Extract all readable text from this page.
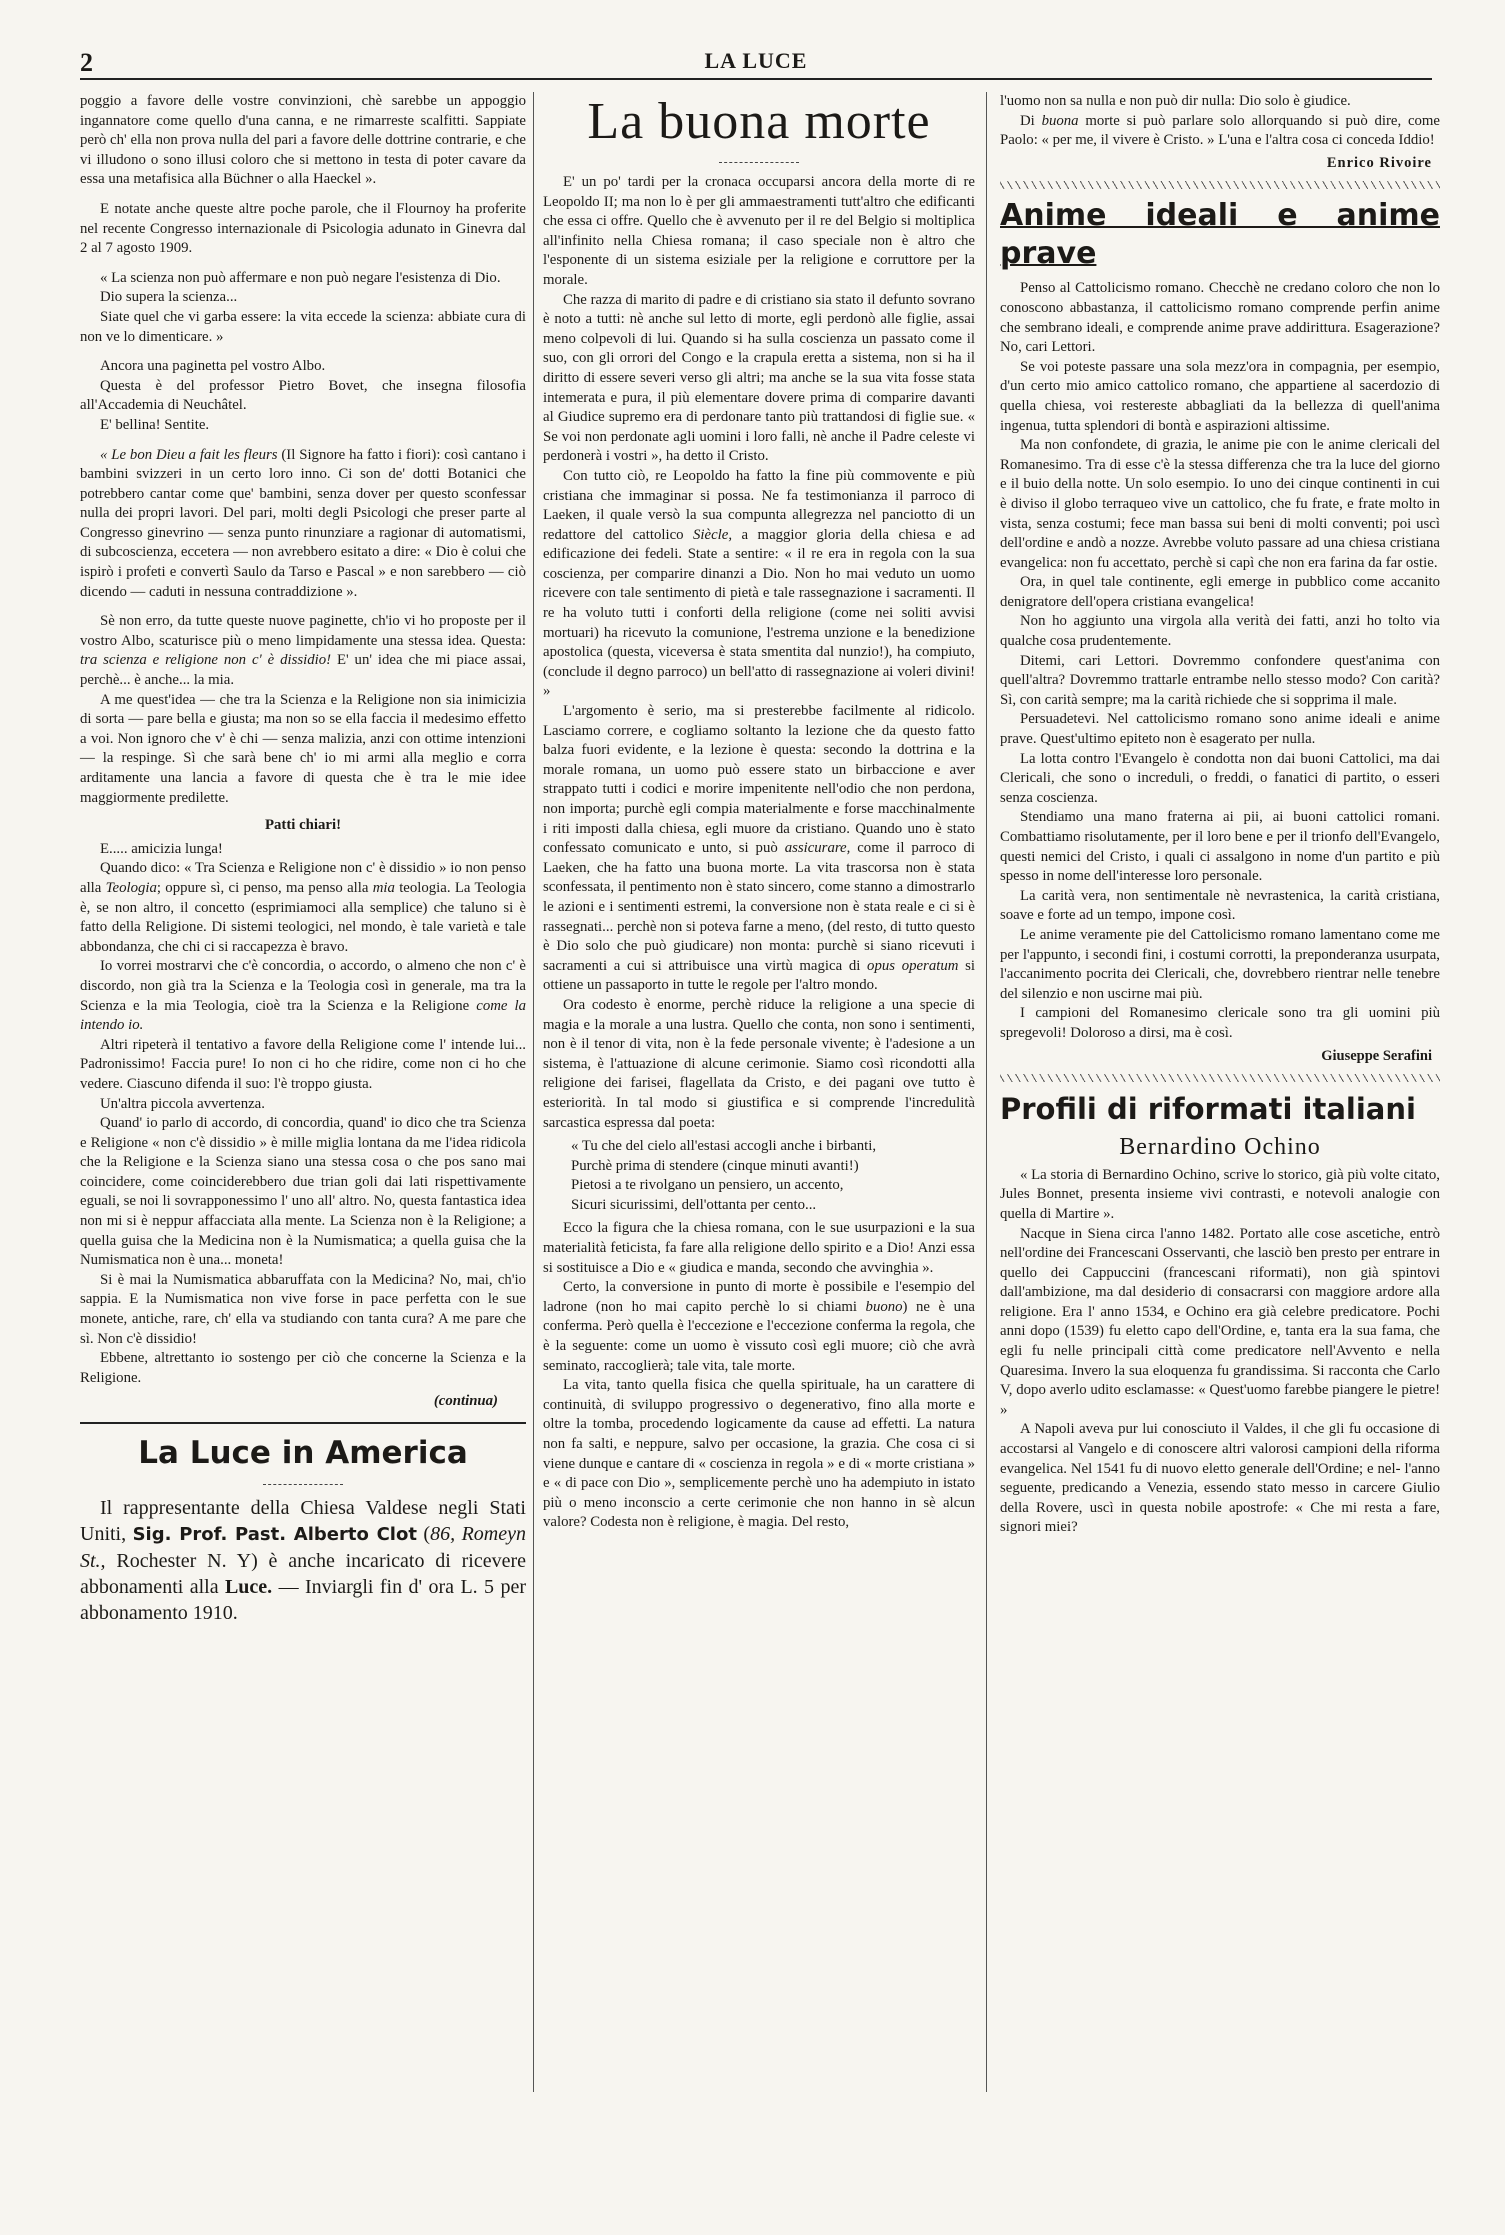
2	LA LUCE

poggio a favore delle vostre convinzioni, chè sarebbe un appoggio ingannatore come quello d'una canna, e ne rimarreste scalfitti. Sappiate però ch' ella non prova nulla del pari a favore delle dottrine contrarie, e che vi illudono o sono illusi coloro che si mettono in testa di poter cavare da essa una metafisica alla Büchner o alla Haeckel ».

E notate anche queste altre poche parole, che il Flournoy ha proferite nel recente Congresso internazionale di Psicologia adunato in Ginevra dal 2 al 7 agosto 1909.

« La scienza non può affermare e non può negare l'esistenza di Dio.

Dio supera la scienza...

Siate quel che vi garba essere: la vita eccede la scienza: abbiate cura di non ve lo dimenticare. »

Ancora una paginetta pel vostro Albo.

Questa è del professor Pietro Bovet, che insegna filosofia all'Accademia di Neuchâtel.

E' bellina! Sentite.

« Le bon Dieu a fait les fleurs (Il Signore ha fatto i fiori): così cantano i bambini svizzeri in un certo loro inno. Ci son de' dotti Botanici che potrebbero cantar come que' bambini, senza dover per questo sconfessar nulla dei propri lavori. Del pari, molti degli Psicologi che preser parte al Congresso ginevrino — senza punto rinunziare a ragionar di automatismi, di subcoscienza, eccetera — non avrebbero esitato a dire: « Dio è colui che ispirò i profeti e convertì Saulo da Tarso e Pascal » e non sarebbero — ciò dicendo — caduti in nessuna contraddizione ».

Sè non erro, da tutte queste nuove paginette, ch'io vi ho proposte per il vostro Albo, scaturisce più o meno limpidamente una stessa idea. Questa: tra scienza e religione non c' è dissidio! E' un' idea che mi piace assai, perchè... è anche... la mia.

A me quest'idea — che tra la Scienza e la Religione non sia inimicizia di sorta — pare bella e giusta; ma non so se ella faccia il medesimo effetto a voi. Non ignoro che v' è chi — senza malizia, anzi con ottime intenzioni — la respinge. Sì che sarà bene ch' io mi armi alla meglio e corra arditamente una lancia a favore di questa che è tra le mie idee maggiormente predilette.

Patti chiari!

E..... amicizia lunga!

Quando dico: « Tra Scienza e Religione non c' è dissidio » io non penso alla Teologia; oppure sì, ci penso, ma penso alla mia teologia. La Teologia è, se non altro, il concetto (esprimiamoci alla semplice) che taluno si è fatto della Religione. Di sistemi teologici, nel mondo, è tale varietà e tale abbondanza, che chi ci si raccapezza è bravo.

Io vorrei mostrarvi che c'è concordia, o accordo, o almeno che non c' è discordo, non già tra la Scienza e la Teologia così in generale, ma tra la Scienza e la mia Teologia, cioè tra la Scienza e la Religione come la intendo io.

Altri ripeterà il tentativo a favore della Religione come l' intende lui... Padronissimo! Faccia pure! Io non ci ho che ridire, come non ci ho che vedere. Ciascuno difenda il suo: l'è troppo giusta.

Un'altra piccola avvertenza.

Quand' io parlo di accordo, di concordia, quand' io dico che tra Scienza e Religione « non c'è dissidio » è mille miglia lontana da me l'idea ridicola che la Religione e la Scienza siano una stessa cosa o che pos sano mai coincidere, come coinciderebbero due trian goli dai lati rispettivamente eguali, se noi li sovrapponessimo l' uno all' altro. No, questa fantastica idea non mi si è neppur affacciata alla mente. La Scienza non è la Religione; a quella guisa che la Medicina non è la Numismatica; a quella guisa che la Numismatica non è una... moneta!

Si è mai la Numismatica abbaruffata con la Medicina? No, mai, ch'io sappia. E la Numismatica non vive forse in pace perfetta con le sue monete, antiche, rare, ch' ella va studiando con tanta cura? A me pare che sì. Non c'è dissidio!

Ebbene, altrettanto io sostengo per ciò che concerne la Scienza e la Religione.

(continua)
La Luce in America

Il rappresentante della Chiesa Valdese negli Stati Uniti, Sig. Prof. Past. Alberto Clot (86, Romeyn St., Rochester N. Y) è anche incaricato di ricevere abbonamenti alla Luce. — Inviargli fin d' ora L. 5 per abbonamento 1910.

La buona morte

E' un po' tardi per la cronaca occuparsi ancora della morte di re Leopoldo II; ma non lo è per gli ammaestramenti tutt'altro che edificanti che essa ci offre. Quello che è avvenuto per il re del Belgio si moltiplica all'infinito nella Chiesa romana; il caso speciale non è altro che l'esponente di un sistema esiziale per la religione e corruttore per la morale.

Che razza di marito di padre e di cristiano sia stato il defunto sovrano è noto a tutti: nè anche sul letto di morte, egli perdonò alle figlie, assai meno colpevoli di lui. Quando si ha sulla coscienza un passato come il suo, con gli orrori del Congo e la crapula eretta a sistema, non si ha il diritto di essere severi verso gli altri; ma anche se la sua vita fosse stata intemerata e pura, il più elementare dovere prima di comparire davanti al Giudice supremo era di perdonare tanto più trattandosi di figlie sue. « Se voi non perdonate agli uomini i loro falli, nè anche il Padre celeste vi perdonerà i vostri », ha detto il Cristo.

Con tutto ciò, re Leopoldo ha fatto la fine più commovente e più cristiana che immaginar si possa. Ne fa testimonianza il parroco di Laeken, il quale versò la sua compunta allegrezza nel panciotto di un redattore del cattolico Siècle, a maggior gloria della chiesa e ad edificazione dei fedeli. State a sentire: « il re era in regola con la sua coscienza, per comparire dinanzi a Dio. Non ho mai veduto un uomo ricevere con tale sentimento di pietà e tale rassegnazione i sacramenti. Il re ha voluto tutti i conforti della religione (come nei soliti avvisi mortuari) ha ricevuto la comunione, l'estrema unzione e la benedizione apostolica (questa, viceversa è stata smentita dal nunzio!), ha compiuto, (conclude il degno parroco) un bell'atto di rassegnazione ai voleri divini! »

L'argomento è serio, ma si presterebbe facilmente al ridicolo. Lasciamo correre, e cogliamo soltanto la lezione che da questo fatto balza fuori evidente, e la lezione è questa: secondo la dottrina e la morale romana, un uomo può essere stato un birbaccione e aver strappato tutti i codici e morire impenitente nell'odio che non perdona, non importa; purchè egli compia materialmente e forse macchinalmente i riti imposti dalla chiesa, egli muore da cristiano. Quando uno è stato confessato comunicato e unto, si può assicurare, come il parroco di Laeken, che ha fatto una buona morte. La vita trascorsa non è stata sconfessata, il pentimento non è stato sincero, come stanno a dimostrarlo le azioni e i sentimenti estremi, la conversione non è stata reale e ci si è rassegnati... perchè non si poteva farne a meno, (del resto, di tutto questo è Dio solo che può giudicare) non monta: purchè si siano ricevuti i sacramenti a cui si attribuisce una virtù magica di opus operatum si ottiene un passaporto in tutte le regole per l'altro mondo.

Ora codesto è enorme, perchè riduce la religione a una specie di magia e la morale a una lustra. Quello che conta, non sono i sentimenti, non è il tenor di vita, non è la fede personale vivente; è l'adesione a un sistema, è l'attuazione di alcune cerimonie. Siamo così ricondotti alla religione dei farisei, flagellata da Cristo, e dei pagani ove tutto è esteriorità. In tal modo si giustifica e si comprende l'incredulità sarcastica espressa dal poeta:

« Tu che del cielo all'estasi accogli anche i birbanti,
Purchè prima di stendere (cinque minuti avanti!)
Pietosi a te rivolgano un pensiero, un accento,
Sicuri sicurissimi, dell'ottanta per cento...

Ecco la figura che la chiesa romana, con le sue usurpazioni e la sua materialità feticista, fa fare alla religione dello spirito e a Dio! Anzi essa si sostituisce a Dio e « giudica e manda, secondo che avvinghia ».

Certo, la conversione in punto di morte è possibile e l'esempio del ladrone (non ho mai capito perchè lo si chiami buono) ne è una conferma. Però quella è l'eccezione e l'eccezione conferma la regola, che è la seguente: come un uomo è vissuto così egli muore; ciò che avrà seminato, raccoglierà; tale vita, tale morte.

La vita, tanto quella fisica che quella spirituale, ha un carattere di continuità, di sviluppo progressivo o degenerativo, fino alla morte e oltre la tomba, procedendo logicamente da cause ad effetti. La natura non fa salti, e neppure, salvo per occasione, la grazia. Che cosa ci si viene dunque e cantare di « coscienza in regola » e di « morte cristiana » e « di pace con Dio », semplicemente perchè uno ha adempiuto in istato più o meno inconscio a certe cerimonie che non hanno in sè alcun valore? Codesta non è religione, è magia. Del resto,

l'uomo non sa nulla e non può dir nulla: Dio solo è giudice.

Di buona morte si può parlare solo allorquando si può dire, come Paolo: « per me, il vivere è Cristo. » L'una e l'altra cosa ci conceda Iddio!

Enrico Rivoire
Anime ideali e anime prave

Penso al Cattolicismo romano. Checchè ne credano coloro che non lo conoscono abbastanza, il cattolicismo romano comprende perfin anime che sembrano ideali, e comprende anime prave addirittura. Esagerazione? No, cari Lettori.

Se voi poteste passare una sola mezz'ora in compagnia, per esempio, d'un certo mio amico cattolico romano, che appartiene al sacerdozio di quella chiesa, voi restereste abbagliati da la bellezza di quell'anima ingenua, tutta splendori di bontà e aspirazioni altissime.

Ma non confondete, di grazia, le anime pie con le anime clericali del Romanesimo. Tra di esse c'è la stessa differenza che tra la luce del giorno e il buio della notte. Un solo esempio. Io uno dei cinque continenti in cui è diviso il globo terraqueo vive un cattolico, che fu frate, e frate molto in vista, senza costumi; fece man bassa sui beni di molti conventi; poi uscì dell'ordine e andò a nozze. Avrebbe voluto passare ad una chiesa cristiana evangelica: non fu accettato, perchè si capì che non era farina da far ostie.

Ora, in quel tale continente, egli emerge in pubblico come accanito denigratore dell'opera cristiana evangelica!

Non ho aggiunto una virgola alla verità dei fatti, anzi ho tolto via qualche cosa prudentemente.

Ditemi, cari Lettori. Dovremmo confondere quest'anima con quell'altra? Dovremmo trattarle entrambe nello stesso modo? Con carità? Sì, con carità sempre; ma la carità richiede che si sopprima il male.

Persuadetevi. Nel cattolicismo romano sono anime ideali e anime prave. Quest'ultimo epiteto non è esagerato per nulla.

La lotta contro l'Evangelo è condotta non dai buoni Cattolici, ma dai Clericali, che sono o increduli, o freddi, o fanatici di partito, o esseri senza coscienza.

Stendiamo una mano fraterna ai pii, ai buoni cattolici romani. Combattiamo risolutamente, per il loro bene e per il trionfo dell'Evangelo, questi nemici del Cristo, i quali ci assalgono in nome d'un partito e più spesso in nome dell'interesse loro personale.

La carità vera, non sentimentale nè nevrastenica, la carità cristiana, soave e forte ad un tempo, impone così.

Le anime veramente pie del Cattolicismo romano lamentano come me per l'appunto, i secondi fini, i costumi corrotti, la preponderanza usurpata, l'accanimento pocrita dei Clericali, che, dovrebbero rientrar nelle tenebre del silenzio e non uscirne mai più.

I campioni del Romanesimo clericale sono tra gli uomini più spregevoli! Doloroso a dirsi, ma è così.

Giuseppe Serafini
Profili di riformati italiani
Bernardino Ochino

« La storia di Bernardino Ochino, scrive lo storico, già più volte citato, Jules Bonnet, presenta insieme vivi contrasti, e notevoli analogie con quella di Martire ».

Nacque in Siena circa l'anno 1482. Portato alle cose ascetiche, entrò nell'ordine dei Francescani Osservanti, che lasciò ben presto per entrare in quello dei Cappuccini (francescani riformati), non già spintovi dall'ambizione, ma dal desiderio di consacrarsi con maggiore ardore alla religione. Era l' anno 1534, e Ochino era già celebre predicatore. Pochi anni dopo (1539) fu eletto capo dell'Ordine, e, tanta era la sua fama, che egli fu nelle principali città come predicatore nell'Avvento e nella Quaresima. Invero la sua eloquenza fu grandissima. Si racconta che Carlo V, dopo averlo udito esclamasse: « Quest'uomo farebbe piangere le pietre! »

A Napoli aveva pur lui conosciuto il Valdes, il che gli fu occasione di accostarsi al Vangelo e di conoscere altri valorosi campioni della riforma evangelica. Nel 1541 fu di nuovo eletto generale dell'Ordine; e nel- l'anno seguente, predicando a Venezia, essendo stato messo in carcere Giulio della Rovere, uscì in questa nobile apostrofe: « Che mi resta a fare, signori miei?
